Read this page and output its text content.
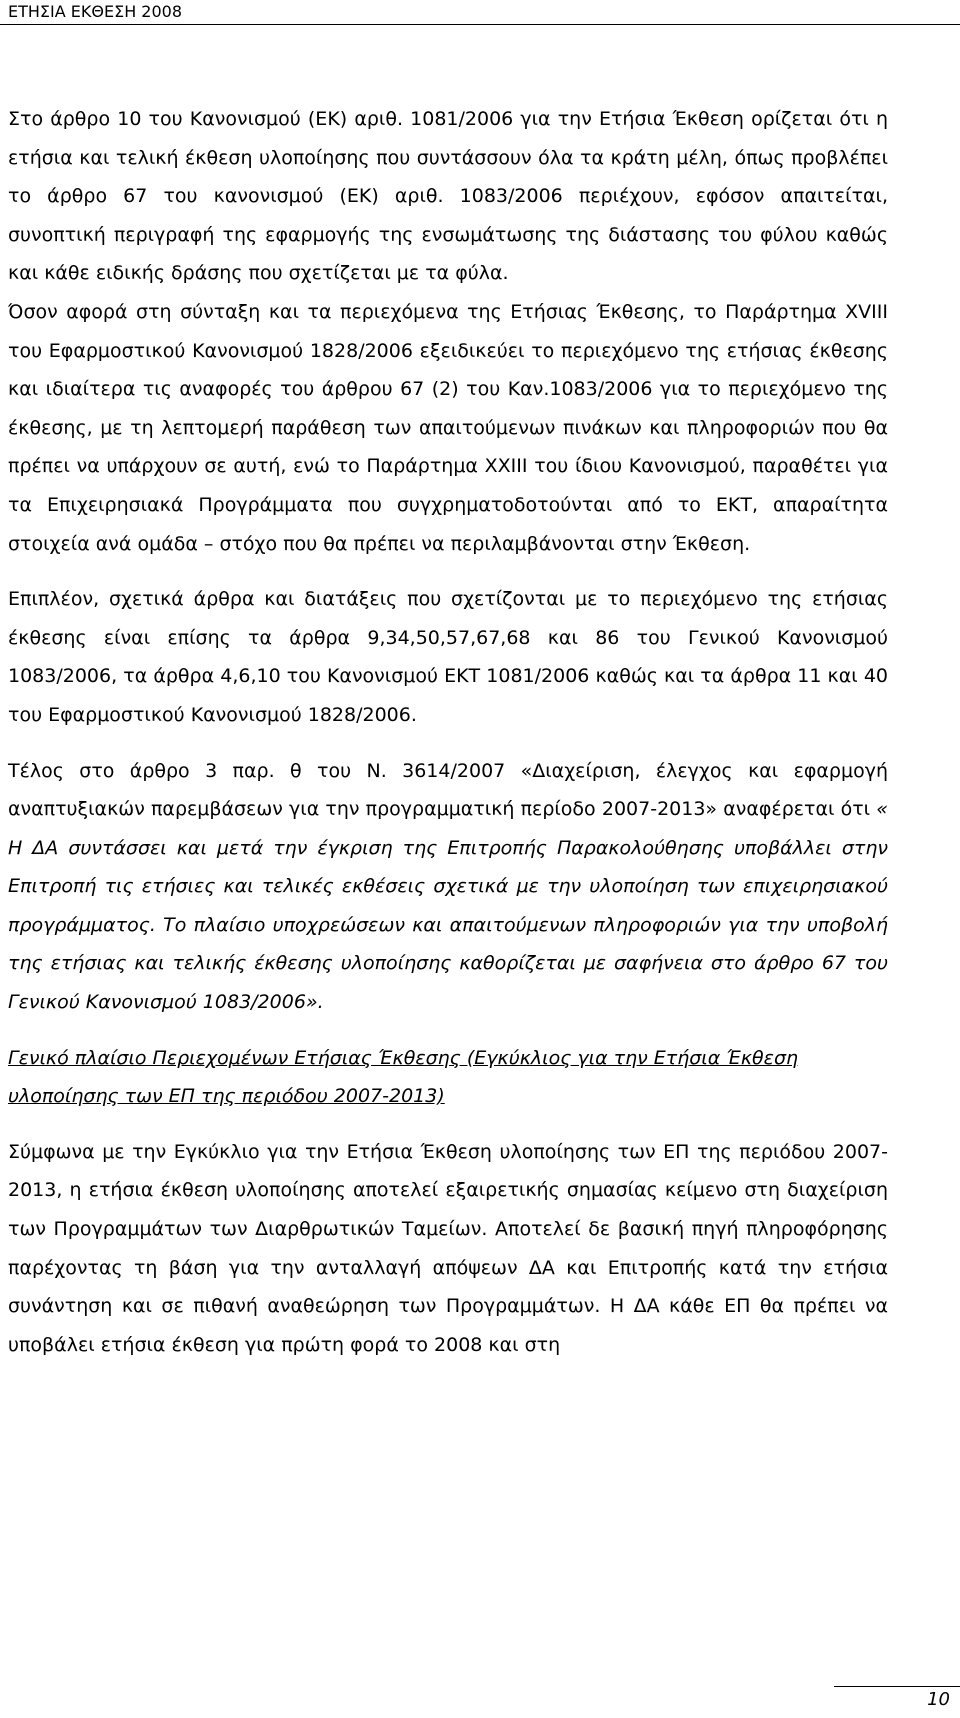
ΕΤΗΣΙΑ ΕΚΘΕΣΗ 2008

Στο άρθρο 10 του Κανονισμού (ΕΚ) αριθ. 1081/2006 για την Ετήσια Έκθεση ορίζεται ότι η ετήσια και τελική έκθεση υλοποίησης που συντάσσουν όλα τα κράτη μέλη, όπως προβλέπει το άρθρο 67 του κανονισμού (ΕΚ) αριθ. 1083/2006 περιέχουν, εφόσον απαιτείται, συνοπτική περιγραφή της εφαρμογής της ενσωμάτωσης της διάστασης του φύλου καθώς και κάθε ειδικής δράσης που σχετίζεται με τα φύλα.

Όσον αφορά στη σύνταξη και τα περιεχόμενα της Ετήσιας Έκθεσης, το Παράρτημα XVIII του Εφαρμοστικού Κανονισμού 1828/2006 εξειδικεύει το περιεχόμενο της ετήσιας έκθεσης και ιδιαίτερα τις αναφορές του άρθρου 67 (2) του Καν.1083/2006 για το περιεχόμενο της έκθεσης, με τη λεπτομερή παράθεση των απαιτούμενων πινάκων και πληροφοριών που θα πρέπει να υπάρχουν σε αυτή, ενώ το Παράρτημα XXIII του ίδιου Κανονισμού, παραθέτει για τα Επιχειρησιακά Προγράμματα που συγχρηματοδοτούνται από το ΕΚΤ, απαραίτητα στοιχεία ανά ομάδα – στόχο που θα πρέπει να περιλαμβάνονται στην Έκθεση.

Επιπλέον, σχετικά άρθρα και διατάξεις που σχετίζονται με το περιεχόμενο της ετήσιας έκθεσης είναι επίσης τα άρθρα 9,34,50,57,67,68 και 86 του Γενικού Κανονισμού 1083/2006, τα άρθρα 4,6,10 του Κανονισμού ΕΚΤ 1081/2006 καθώς και τα άρθρα 11 και 40 του Εφαρμοστικού Κανονισμού 1828/2006.

Τέλος στο άρθρο 3 παρ. θ του Ν. 3614/2007 «Διαχείριση, έλεγχος και εφαρμογή αναπτυξιακών παρεμβάσεων για την προγραμματική περίοδο 2007-2013» αναφέρεται ότι « Η ΔΑ συντάσσει και μετά την έγκριση της Επιτροπής Παρακολούθησης υποβάλλει στην Επιτροπή τις ετήσιες και τελικές εκθέσεις σχετικά με την υλοποίηση των επιχειρησιακού προγράμματος. Το πλαίσιο υποχρεώσεων και απαιτούμενων πληροφοριών για την υποβολή της ετήσιας και τελικής έκθεσης υλοποίησης καθορίζεται με σαφήνεια στο άρθρο 67 του Γενικού Κανονισμού 1083/2006».

Γενικό πλαίσιο Περιεχομένων Ετήσιας Έκθεσης (Εγκύκλιος για την Ετήσια Έκθεση υλοποίησης των ΕΠ της περιόδου 2007-2013)

Σύμφωνα με την Εγκύκλιο για την Ετήσια Έκθεση υλοποίησης των ΕΠ της περιόδου 2007-2013, η ετήσια έκθεση υλοποίησης αποτελεί εξαιρετικής σημασίας κείμενο στη διαχείριση των Προγραμμάτων των Διαρθρωτικών Ταμείων. Αποτελεί δε βασική πηγή πληροφόρησης παρέχοντας τη βάση για την ανταλλαγή απόψεων ΔΑ και Επιτροπής κατά την ετήσια συνάντηση και σε πιθανή αναθεώρηση των Προγραμμάτων. Η ΔΑ κάθε ΕΠ θα πρέπει να υποβάλει ετήσια έκθεση για πρώτη φορά το 2008 και στη

10
